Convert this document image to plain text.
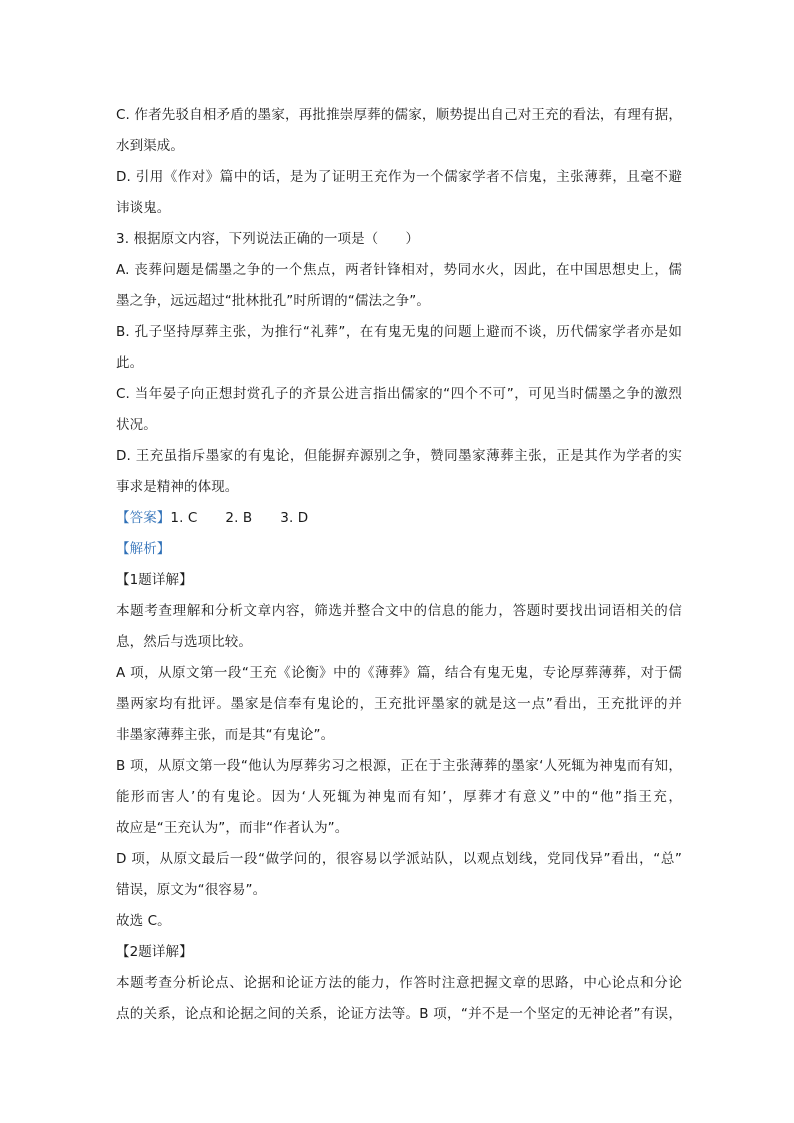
C. 作者先驳自相矛盾的墨家，再批推崇厚葬的儒家，顺势提出自己对王充的看法，有理有据，
水到渠成。
D. 引用《作对》篇中的话，是为了证明王充作为一个儒家学者不信鬼，主张薄葬，且毫不避
讳谈鬼。
3. 根据原文内容，下列说法正确的一项是（　　）
A. 丧葬问题是儒墨之争的一个焦点，两者针锋相对，势同水火，因此，在中国思想史上，儒
墨之争，远远超过“批林批孔”时所谓的“儒法之争”。
B. 孔子坚持厚葬主张，为推行“礼葬”，在有鬼无鬼的问题上避而不谈，历代儒家学者亦是如
此。
C. 当年晏子向正想封赏孔子的齐景公进言指出儒家的“四个不可”，可见当时儒墨之争的激烈
状况。
D. 王充虽指斥墨家的有鬼论，但能摒弃源别之争，赞同墨家薄葬主张，正是其作为学者的实
事求是精神的体现。
【答案】1. C 2. B 3. D
【解析】
【1题详解】
本题考查理解和分析文章内容，筛选并整合文中的信息的能力，答题时要找出词语相关的信
息，然后与选项比较。
A 项，从原文第一段“王充《论衡》中的《薄葬》篇，结合有鬼无鬼，专论厚葬薄葬，对于儒
墨两家均有批评。墨家是信奉有鬼论的，王充批评墨家的就是这一点”看出，王充批评的并
非墨家薄葬主张，而是其“有鬼论”。
B 项，从原文第一段“他认为厚葬劣习之根源，正在于主张薄葬的墨家‘人死辄为神鬼而有知，
能形而害人’的有鬼论。因为‘人死辄为神鬼而有知’，厚葬才有意义”中的“他”指王充，
故应是“王充认为”，而非“作者认为”。
D 项，从原文最后一段“做学问的，很容易以学派站队，以观点划线，党同伐异”看出，“总”
错误，原文为“很容易”。
故选 C。
【2题详解】
本题考查分析论点、论据和论证方法的能力，作答时注意把握文章的思路，中心论点和分论
点的关系，论点和论据之间的关系，论证方法等。B 项，“并不是一个坚定的无神论者”有误，
